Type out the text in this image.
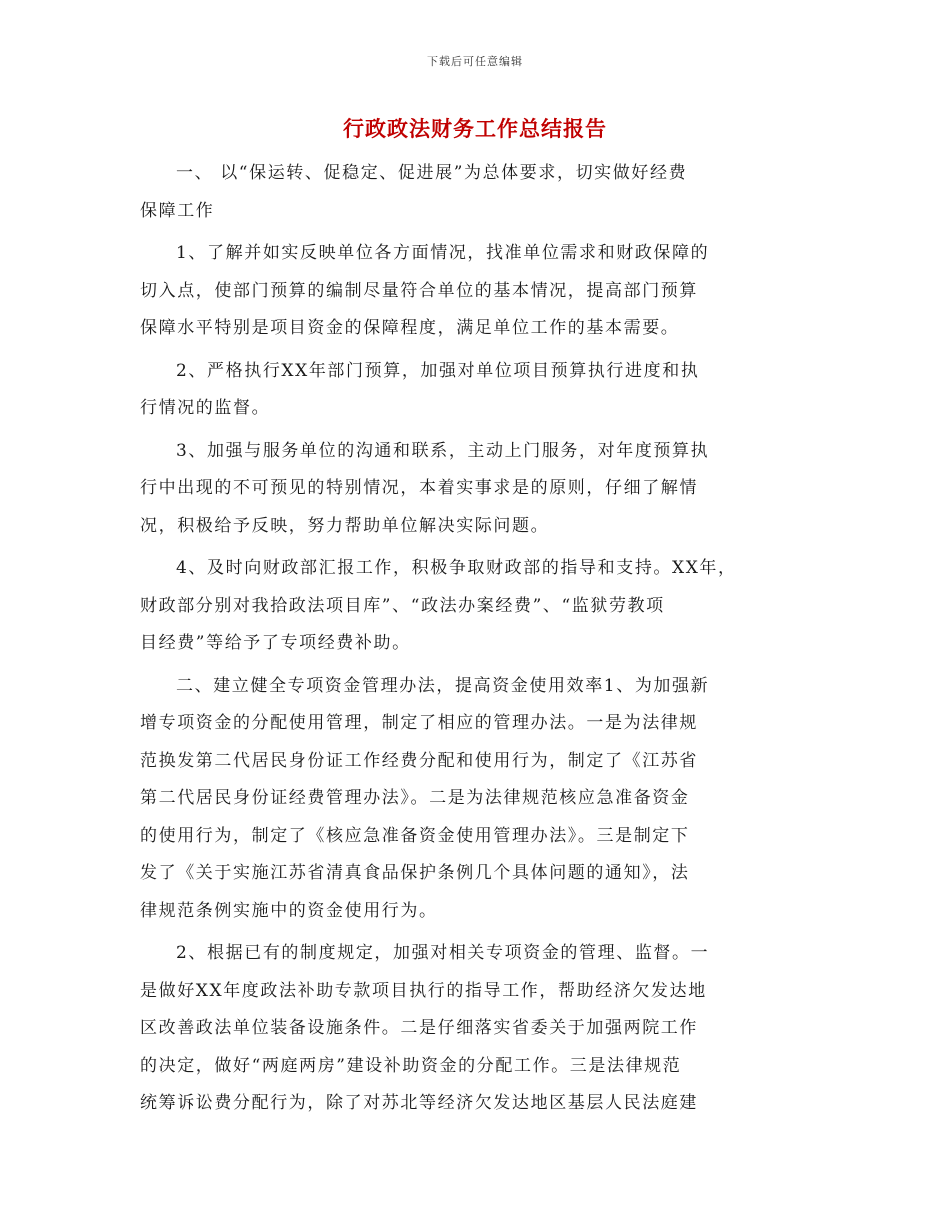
下载后可任意编辑
行政政法财务工作总结报告
一、 以“保运转、促稳定、促进展”为总体要求，切实做好经费
保障工作
1、了解并如实反映单位各方面情况，找准单位需求和财政保障的
切入点，使部门预算的编制尽量符合单位的基本情况，提高部门预算
保障水平特别是项目资金的保障程度，满足单位工作的基本需要。
2、严格执行XX年部门预算，加强对单位项目预算执行进度和执
行情况的监督。
3、加强与服务单位的沟通和联系，主动上门服务，对年度预算执
行中出现的不可预见的特别情况，本着实事求是的原则，仔细了解情
况，积极给予反映，努力帮助单位解决实际问题。
4、及时向财政部汇报工作，积极争取财政部的指导和支持。XX年，
财政部分别对我拾政法项目库”、“政法办案经费”、“监狱劳教项
目经费”等给予了专项经费补助。
二、建立健全专项资金管理办法，提高资金使用效率1、为加强新
增专项资金的分配使用管理，制定了相应的管理办法。一是为法律规
范换发第二代居民身份证工作经费分配和使用行为，制定了《江苏省
第二代居民身份证经费管理办法》。二是为法律规范核应急准备资金
的使用行为，制定了《核应急准备资金使用管理办法》。三是制定下
发了《关于实施江苏省清真食品保护条例几个具体问题的通知》，法
律规范条例实施中的资金使用行为。
2、根据已有的制度规定，加强对相关专项资金的管理、监督。一
是做好XX年度政法补助专款项目执行的指导工作，帮助经济欠发达地
区改善政法单位装备设施条件。二是仔细落实省委关于加强两院工作
的决定，做好“两庭两房”建设补助资金的分配工作。三是法律规范
统筹诉讼费分配行为，除了对苏北等经济欠发达地区基层人民法庭建
